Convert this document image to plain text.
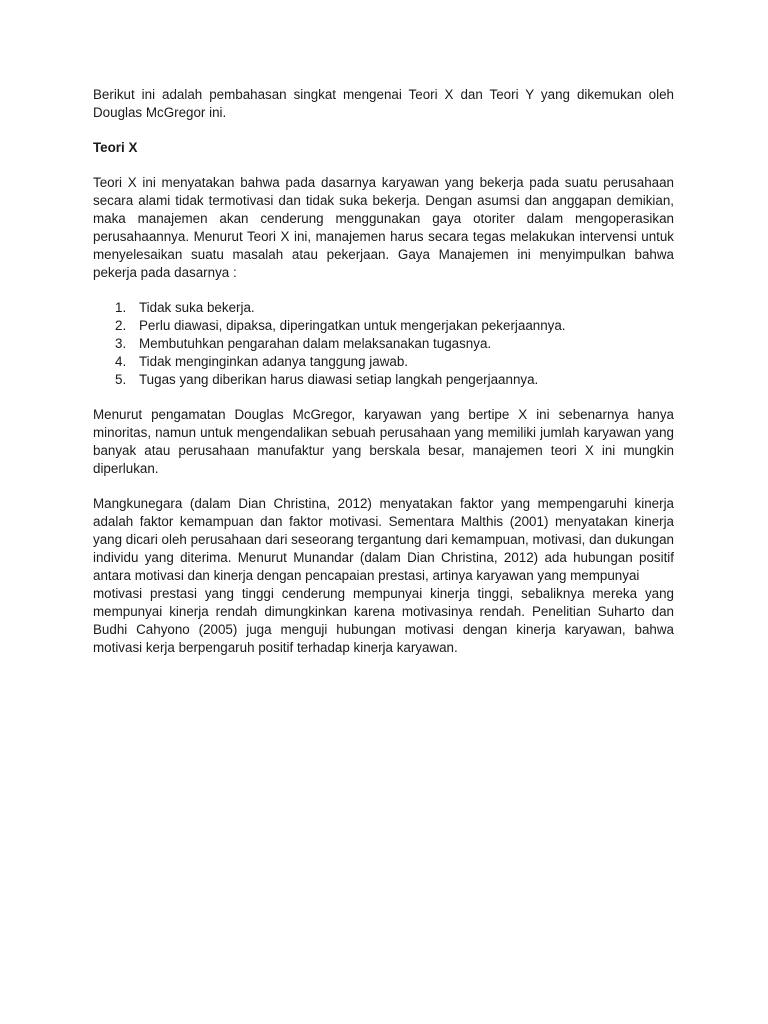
Berikut ini adalah pembahasan singkat mengenai Teori X dan Teori Y yang dikemukan oleh Douglas McGregor ini.

Teori X

Teori X ini menyatakan bahwa pada dasarnya karyawan yang bekerja pada suatu perusahaan secara alami tidak termotivasi dan tidak suka bekerja. Dengan asumsi dan anggapan demikian, maka manajemen akan cenderung menggunakan gaya otoriter dalam mengoperasikan perusahaannya. Menurut Teori X ini, manajemen harus secara tegas melakukan intervensi untuk menyelesaikan suatu masalah atau pekerjaan. Gaya Manajemen ini menyimpulkan bahwa pekerja pada dasarnya :

1. Tidak suka bekerja.
2. Perlu diawasi, dipaksa, diperingatkan untuk mengerjakan pekerjaannya.
3. Membutuhkan pengarahan dalam melaksanakan tugasnya.
4. Tidak menginginkan adanya tanggung jawab.
5. Tugas yang diberikan harus diawasi setiap langkah pengerjaannya.

Menurut pengamatan Douglas McGregor, karyawan yang bertipe X ini sebenarnya hanya minoritas, namun untuk mengendalikan sebuah perusahaan yang memiliki jumlah karyawan yang banyak atau perusahaan manufaktur yang berskala besar, manajemen teori X ini mungkin diperlukan.

Mangkunegara (dalam Dian Christina, 2012) menyatakan faktor yang mempengaruhi kinerja adalah faktor kemampuan dan faktor motivasi. Sementara Malthis (2001) menyatakan kinerja yang dicari oleh perusahaan dari seseorang tergantung dari kemampuan, motivasi, dan dukungan individu yang diterima. Menurut Munandar (dalam Dian Christina, 2012) ada hubungan positif antara motivasi dan kinerja dengan pencapaian prestasi, artinya karyawan yang mempunyai

motivasi prestasi yang tinggi cenderung mempunyai kinerja tinggi, sebaliknya mereka yang mempunyai kinerja rendah dimungkinkan karena motivasinya rendah. Penelitian Suharto dan Budhi Cahyono (2005) juga menguji hubungan motivasi dengan kinerja karyawan, bahwa motivasi kerja berpengaruh positif terhadap kinerja karyawan.
